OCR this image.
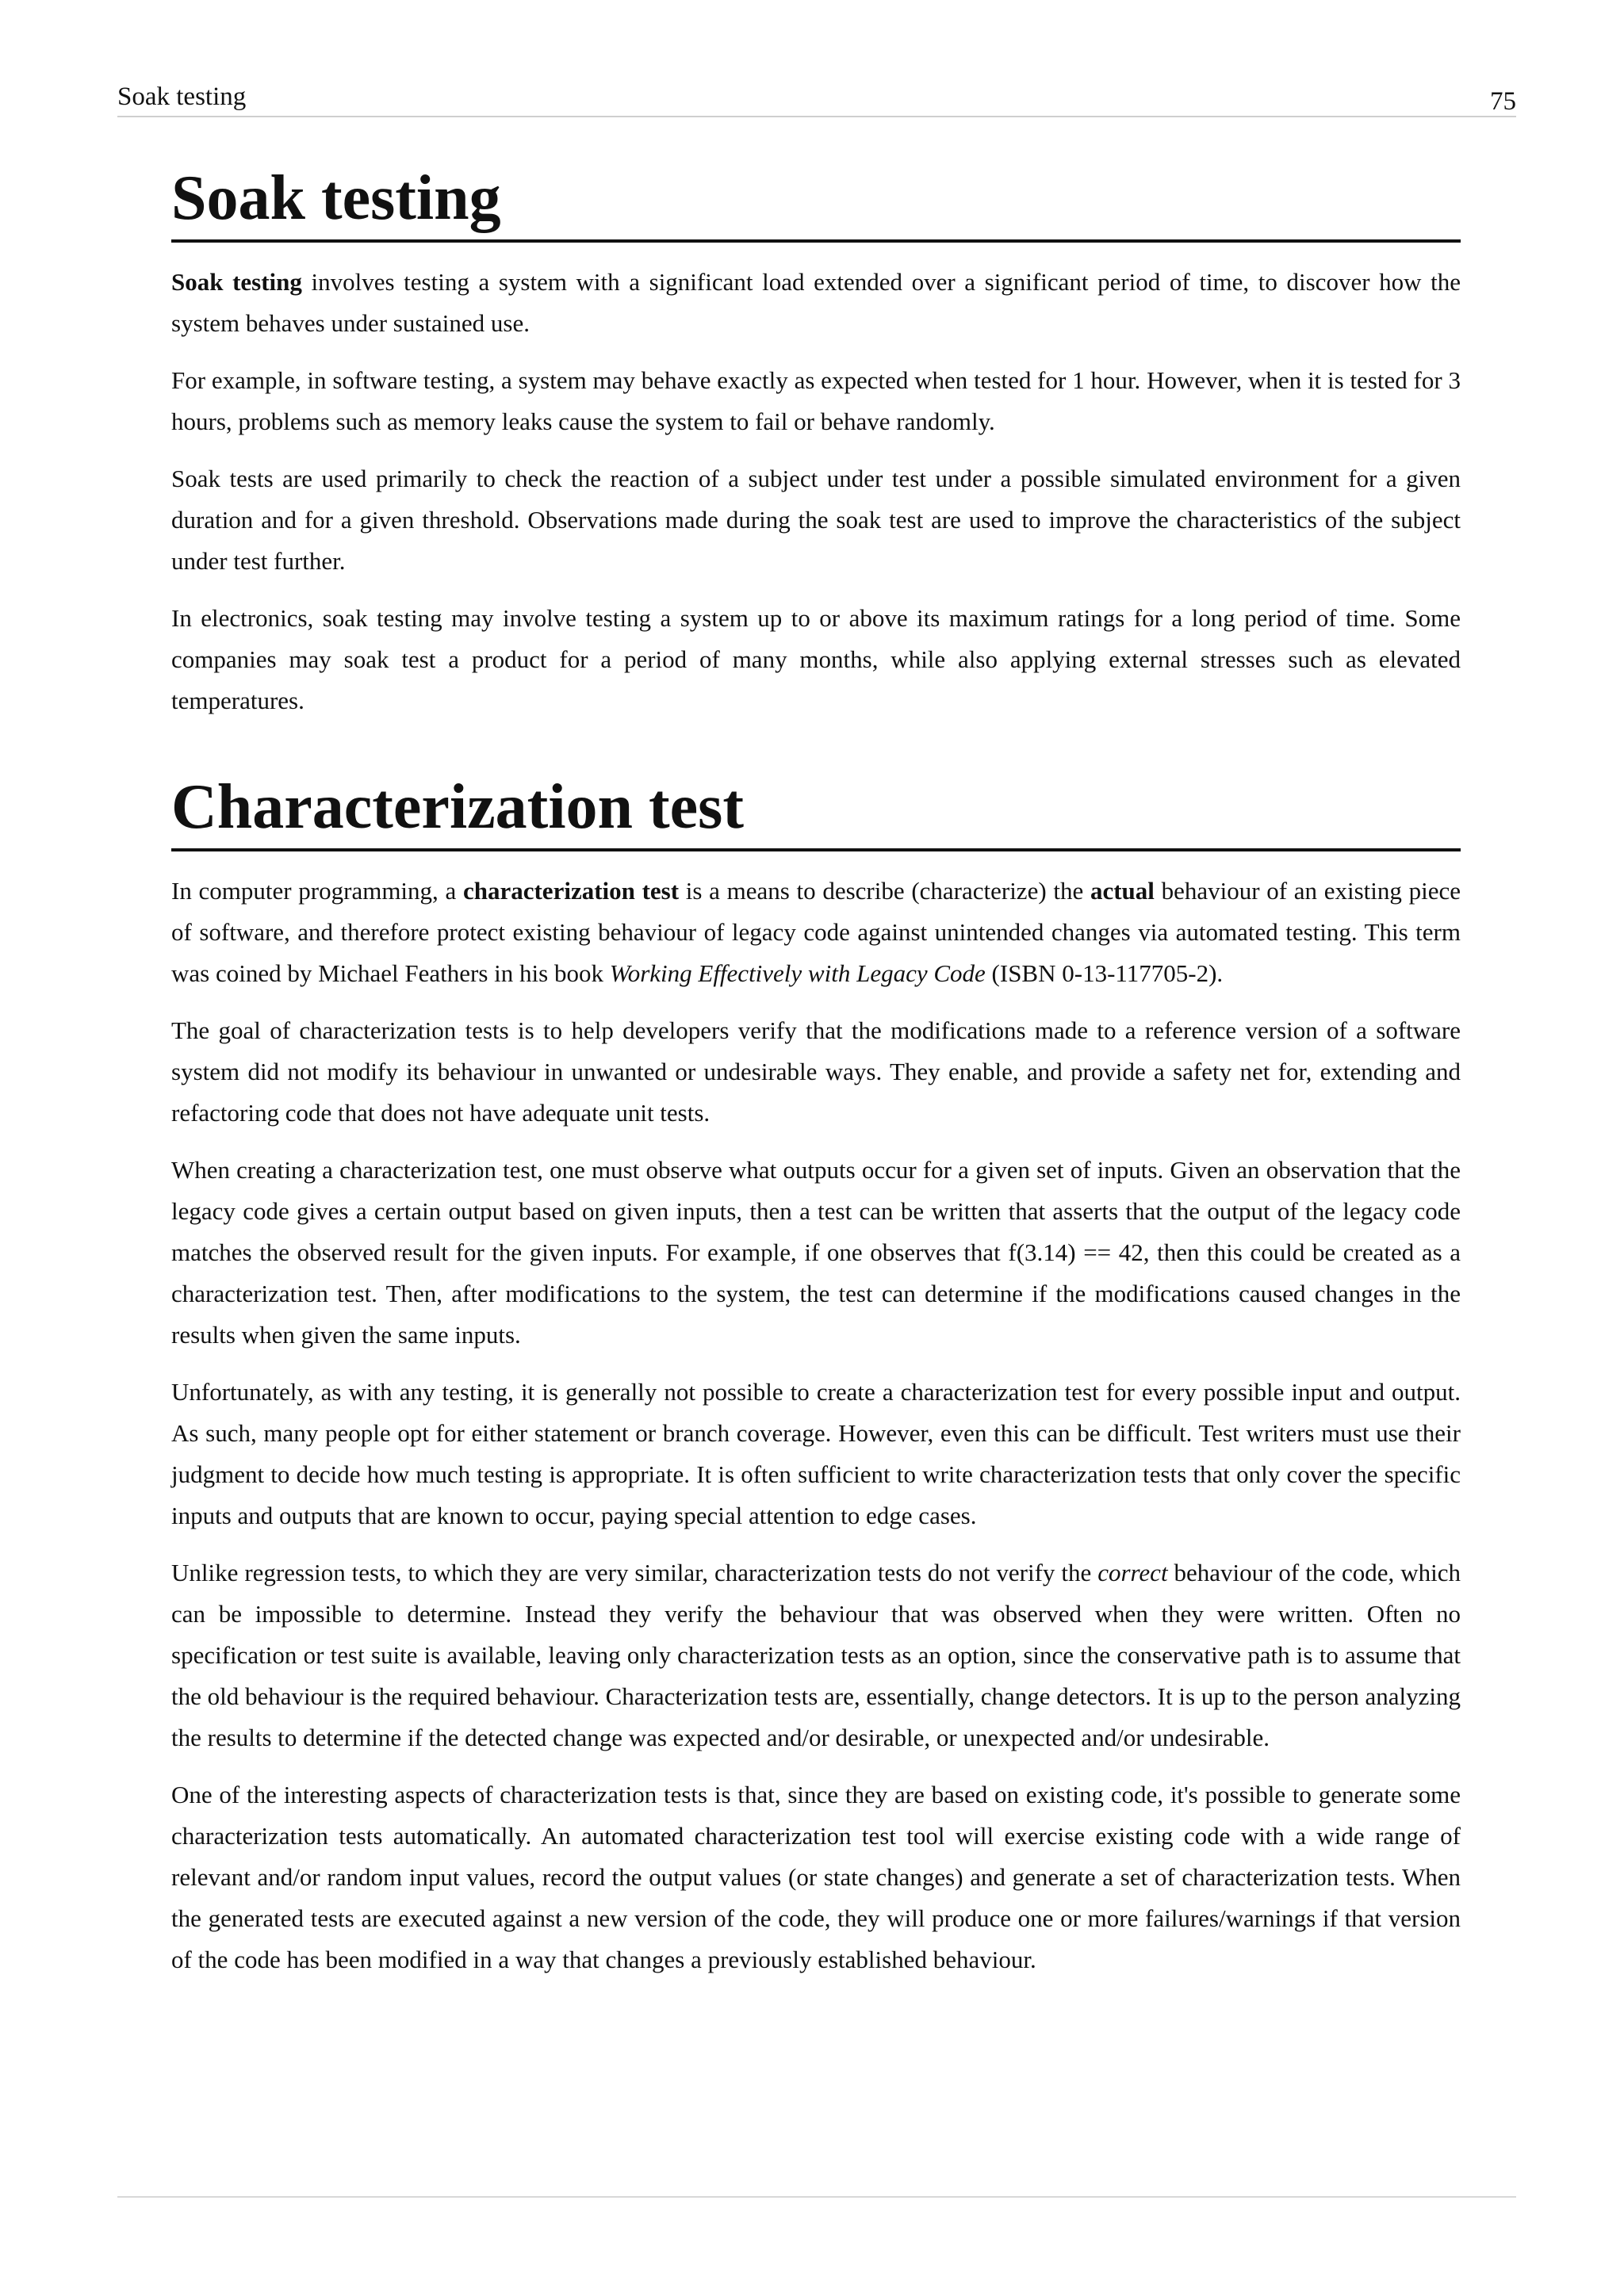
Soak testing	75
Soak testing

Soak testing involves testing a system with a significant load extended over a significant period of time, to discover how the system behaves under sustained use.

For example, in software testing, a system may behave exactly as expected when tested for 1 hour. However, when it is tested for 3 hours, problems such as memory leaks cause the system to fail or behave randomly.

Soak tests are used primarily to check the reaction of a subject under test under a possible simulated environment for a given duration and for a given threshold. Observations made during the soak test are used to improve the characteristics of the subject under test further.

In electronics, soak testing may involve testing a system up to or above its maximum ratings for a long period of time. Some companies may soak test a product for a period of many months, while also applying external stresses such as elevated temperatures.

Characterization test

In computer programming, a characterization test is a means to describe (characterize) the actual behaviour of an existing piece of software, and therefore protect existing behaviour of legacy code against unintended changes via automated testing. This term was coined by Michael Feathers in his book Working Effectively with Legacy Code (ISBN 0-13-117705-2).

The goal of characterization tests is to help developers verify that the modifications made to a reference version of a software system did not modify its behaviour in unwanted or undesirable ways. They enable, and provide a safety net for, extending and refactoring code that does not have adequate unit tests.

When creating a characterization test, one must observe what outputs occur for a given set of inputs. Given an observation that the legacy code gives a certain output based on given inputs, then a test can be written that asserts that the output of the legacy code matches the observed result for the given inputs. For example, if one observes that f(3.14) == 42, then this could be created as a characterization test. Then, after modifications to the system, the test can determine if the modifications caused changes in the results when given the same inputs.

Unfortunately, as with any testing, it is generally not possible to create a characterization test for every possible input and output. As such, many people opt for either statement or branch coverage. However, even this can be difficult. Test writers must use their judgment to decide how much testing is appropriate. It is often sufficient to write characterization tests that only cover the specific inputs and outputs that are known to occur, paying special attention to edge cases.

Unlike regression tests, to which they are very similar, characterization tests do not verify the correct behaviour of the code, which can be impossible to determine. Instead they verify the behaviour that was observed when they were written. Often no specification or test suite is available, leaving only characterization tests as an option, since the conservative path is to assume that the old behaviour is the required behaviour. Characterization tests are, essentially, change detectors. It is up to the person analyzing the results to determine if the detected change was expected and/or desirable, or unexpected and/or undesirable.

One of the interesting aspects of characterization tests is that, since they are based on existing code, it's possible to generate some characterization tests automatically. An automated characterization test tool will exercise existing code with a wide range of relevant and/or random input values, record the output values (or state changes) and generate a set of characterization tests. When the generated tests are executed against a new version of the code, they will produce one or more failures/warnings if that version of the code has been modified in a way that changes a previously established behaviour.
